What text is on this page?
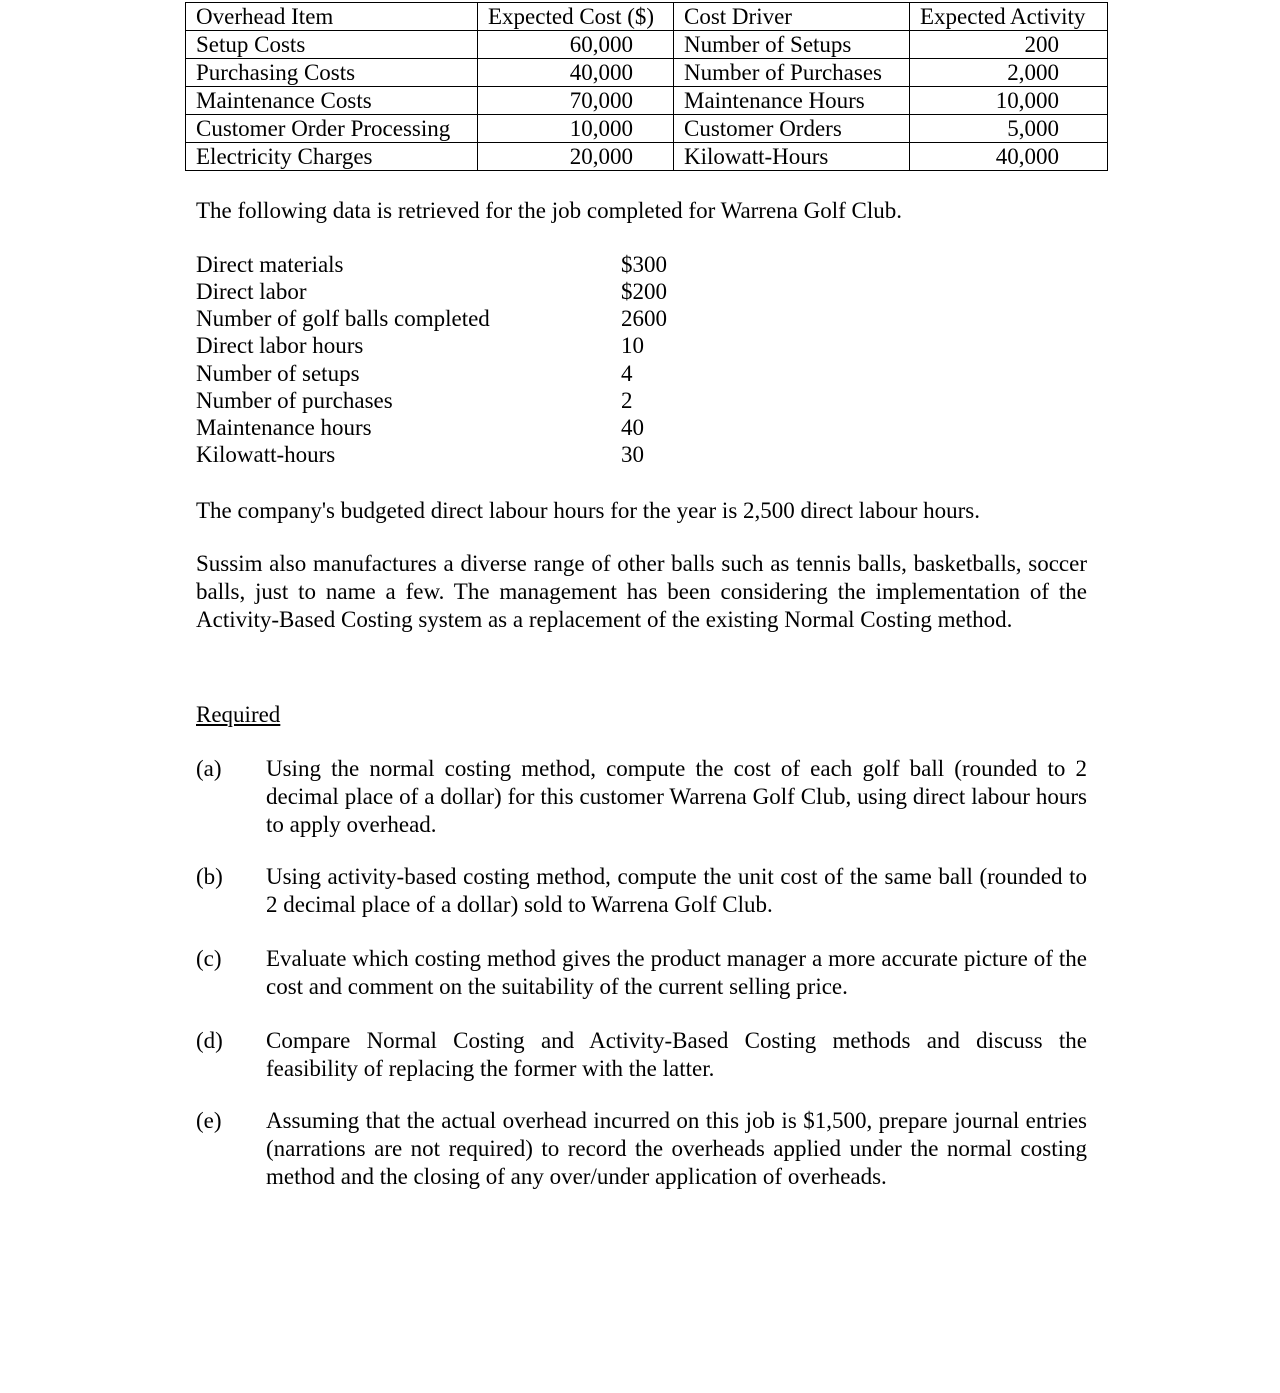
Overhead Item	Expected Cost ($)	Cost Driver	Expected Activity
Setup Costs	60,000	Number of Setups	200
Purchasing Costs	40,000	Number of Purchases	2,000
Maintenance Costs	70,000	Maintenance Hours	10,000
Customer Order Processing	10,000	Customer Orders	5,000
Electricity Charges	20,000	Kilowatt-Hours	40,000

The following data is retrieved for the job completed for Warrena Golf Club.

Direct materials	$300
Direct labor	$200
Number of golf balls completed	2600
Direct labor hours	10
Number of setups	4
Number of purchases	2
Maintenance hours	40
Kilowatt-hours	30

The company's budgeted direct labour hours for the year is 2,500 direct labour hours.

Sussim also manufactures a diverse range of other balls such as tennis balls, basketballs, soccer balls, just to name a few. The management has been considering the implementation of the Activity-Based Costing system as a replacement of the existing Normal Costing method.

Required
(a) Using the normal costing method, compute the cost of each golf ball (rounded to 2 decimal place of a dollar) for this customer Warrena Golf Club, using direct labour hours to apply overhead.
(b) Using activity-based costing method, compute the unit cost of the same ball (rounded to 2 decimal place of a dollar) sold to Warrena Golf Club.
(c) Evaluate which costing method gives the product manager a more accurate picture of the cost and comment on the suitability of the current selling price.
(d) Compare Normal Costing and Activity-Based Costing methods and discuss the feasibility of replacing the former with the latter.
(e) Assuming that the actual overhead incurred on this job is $1,500, prepare journal entries (narrations are not required) to record the overheads applied under the normal costing method and the closing of any over/under application of overheads.
